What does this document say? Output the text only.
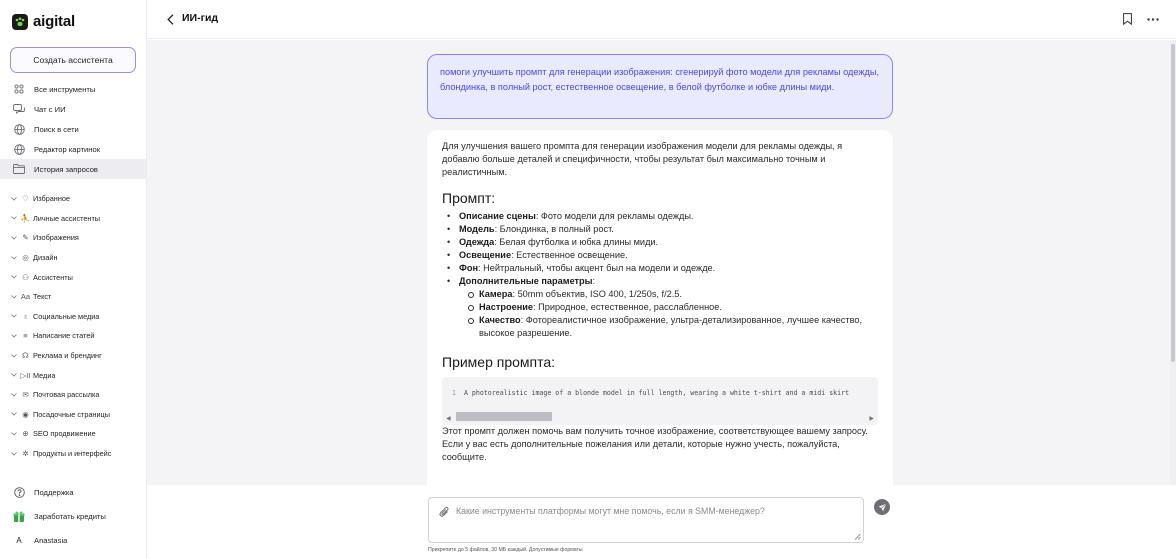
aigital
Создать ассистента
Все инструменты
Чат с ИИ
Поиск в сети
Редактор картинок
История запросов
♡ Избранное
⛹ Личные ассистенты
✎ Изображения
◎ Дизайн
⚇ Ассистенты
Aa Текст
♁ Социальные медиа
≡ Написание статей
☊ Реклама и брендинг
▷II Медиа
✉ Почтовая рассылка
◉ Посадочные страницы
⊕ SEO продвижение
✲ Продукты и интерфейс
Поддержка
Заработать кредиты
A	Anastasia
ИИ-гид
помоги улучшить промпт для генерации изображения: сгенерируй фото модели для рекламы одежды, блондинка, в полный рост, естественное освещение, в белой футболке и юбке длины миди.

Для улучшения вашего промпта для генерации изображения модели для рекламы одежды, я добавлю больше деталей и специфичности, чтобы результат был максимально точным и реалистичным.

Промпт:
• Описание сцены: Фото модели для рекламы одежды.
• Модель: Блондинка, в полный рост.
• Одежда: Белая футболка и юбка длины миди.
• Освещение: Естественное освещение.
• Фон: Нейтральный, чтобы акцент был на модели и одежде.
• Дополнительные параметры:
Камера: 50mm объектив, ISO 400, 1/250s, f/2.5.
Настроение: Природное, естественное, расслабленное.
Качество: Фотореалистичное изображение, ультра-детализированное, лучшее качество, высокое разрешение.
Пример промпта:
1 A photorealistic image of a blonde model in full length, wearing a white t-shirt and a midi skirt
◀	▶

Этот промпт должен помочь вам получить точное изображение, соответствующее вашему запросу. Если у вас есть дополнительные пожелания или детали, которые нужно учесть, пожалуйста, сообщите.

Какие инструменты платформы могут мне помочь, если я SMM-менеджер?
Прикрепите до 5 файлов, 30 МБ каждый. Допустимые форматы
